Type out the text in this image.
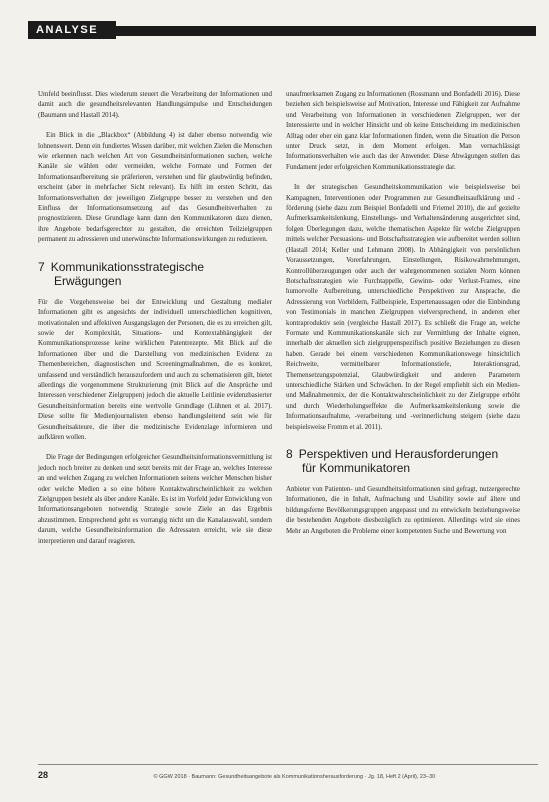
ANALYSE

Umfeld beeinflusst. Dies wiederum steuert die Verarbeitung der Informationen und damit auch die gesundheitsrelevanten Handlungsimpulse und Entscheidungen (Baumann und Hastall 2014).

Ein Blick in die „Blackbox“ (Abbildung 4) ist daher ebenso notwendig wie lohnenswert. Denn ein fundiertes Wissen darüber, mit welchen Zielen die Menschen wie erkennen nach welchen Art von Gesundheitsinformationen suchen, welche Kanäle sie wählen oder vermeiden, welche Formate und Formen der Informationsaufbereitung sie präferieren, verstehen und für glaubwürdig befinden, erscheint (aber in mehrfacher Sicht relevant). Es hilft im ersten Schritt, das Informationsverhalten der jeweiligen Zielgruppe besser zu verstehen und den Einfluss der Informationsumsetzung auf das Gesundheitsverhalten zu prognostizieren. Diese Grundlage kann dann den Kommunikatoren dazu dienen, ihre Angebote bedarfsgerechter zu gestalten, die erreichten Teilzielgruppen permanent zu adressieren und unerwünschte Informationswirkungen zu reduzieren.

7 Kommunikationsstrategische
Erwägungen

Für die Vorgehensweise bei der Entwicklung und Gestaltung medialer Informationen gibt es angesichts der individuell unterschiedlichen kognitiven, motivationalen und affektiven Ausgangslagen der Personen, die es zu erreichen gilt, sowie der Komplexität, Situations- und Kontextabhängigkeit der Kommunikationsprozesse keine wirklichen Patentrezepte. Mit Blick auf die Informationen über und die Darstellung von medizinischen Evidenz zu Themenbereichen, diagnostischen und Screeningmaßnahmen, die es konkret, umfassend und verständlich herauszufordern und auch zu schematisieren gilt, bietet allerdings die vorgenommene Strukturierung (mit Blick auf die Ansprüche und Interessen verschiedener Zielgruppen) jedoch die aktuelle Leitlinie evidenzbasierter Gesundheitsinformation bereits eine wertvolle Grundlage (Lühnen et al. 2017). Diese sollte für Medienjournalisten ebenso handlungsleitend sein wie für Gesundheitsakteure, die über die medizinische Evidenzlage informieren und aufklären wollen.

Die Frage der Bedingungen erfolgreicher Gesundheitsinformationsvermittlung ist jedoch noch breiter zu denken und setzt bereits mit der Frage an, welches Interesse an und welchen Zugang zu welchen Informationen seitens welcher Menschen bisher oder welche Medien a so eine höhere Kontaktwahrscheinlichkeit zu welchen Zielgruppen besteht als über andere Kanäle. Es ist im Vorfeld jeder Entwicklung von Informationsangeboten notwendig Strategie sowie Ziele an das Ergebnis abzustimmen. Entsprechend geht es vorrangig nicht um die Kanalauswahl, sondern darum, welche Gesundheitsinformation die Adressaten erreicht, wie sie diese interpretieren und darauf reagieren.

unaufmerksamen Zugang zu Informationen (Rossmann und Bonfadelli 2016). Diese beziehen sich beispielsweise auf Motivation, Interesse und Fähigkeit zur Aufnahme und Verarbeitung von Informationen in verschiedenen Zielgruppen, wer der Interessierte und in welcher Hinsicht und ob keine Entscheidung im medizinischen Alltag oder eher ein ganz klar Informationen finden, wenn die Situation die Person unter Druck setzt, in dem Moment erfolgen. Man vernachlässigt Informationsverhalten wie auch das der Anwender. Diese Abwägungen stellen das Fundament jeder erfolgreichen Kommunikationsstrategie dar.

In der strategischen Gesundheitskommunikation wie beispielsweise bei Kampagnen, Interventionen oder Programmen zur Gesundheitsaufklärung und -förderung (siehe dazu zum Beispiel Bonfadelli und Friemel 2010), die auf gezielte Aufmerksamkeitslenkung, Einstellungs- und Verhaltensänderung ausgerichtet sind, folgen Überlegungen dazu, welche thematischen Aspekte für welche Zielgruppen mittels welcher Persuasions- und Botschaftsstrategien wie aufbereitet werden sollten (Hastall 2014; Keller und Lehmann 2008). In Abhängigkeit von persönlichen Voraussetzungen, Vorerfahrungen, Einstellungen, Risikowahrnehmungen, Kontrollüberzeugungen oder auch der wahrgenommenen sozialen Norm können Botschaftsstrategien wie Furchtappelle, Gewinn- oder Verlust-Frames, eine humorvolle Aufbereitung, unterschiedliche Perspektiven zur Ansprache, die Adressierung von Vorbildern, Fallbeispiele, Expertenaussagen oder die Einbindung von Testimonials in manchen Zielgruppen vielversprechend, in anderen eher kontraproduktiv sein (vergleiche Hastall 2017). Es schließt die Frage an, welche Formate und Kommunikationskanäle sich zur Vermittlung der Inhalte eignen, innerhalb der aktuellen sich zielgruppenspezifisch positive Beziehungen zu diesen haben. Gerade bei einem verschiedenen Kommunikationswege hinsichtlich Reichweite, vermittelbarer Informationstiefe, Interaktionsgrad, Themensetzungspotenzial, Glaubwürdigkeit und anderen Parametern unterschiedliche Stärken und Schwächen. In der Regel empfiehlt sich ein Medien- und Maßnahmenmix, der die Kontaktwahrscheinlichkeit zu der Zielgruppe erhöht und durch Wiederholungseffekte die Aufmerksamkeitslenkung sowie die Informationsaufnahme, -verarbeitung und -verinnerlichung steigern (siehe dazu beispielsweise Fromm et al. 2011).

8 Perspektiven und Herausforderungen
für Kommunikatoren

Anbieter von Patienten- und Gesundheitsinformationen sind gefragt, nutzergerechte Informationen, die in Inhalt, Aufmachung und Usability sowie auf ältere und bildungsferne Bevölkerungsgruppen angepasst und zu entwickeln beziehungsweise die bestehenden Angebote diesbezüglich zu optimieren. Allerdings wird sie eines Mehr an Angeboten die Probleme einer kompetenten Suche und Bewertung von

28	© GGW 2018 · Baumann: Gesundheitsangebote als Kommunikationsherausforderung · Jg. 18, Heft 2 (April), 23–30
